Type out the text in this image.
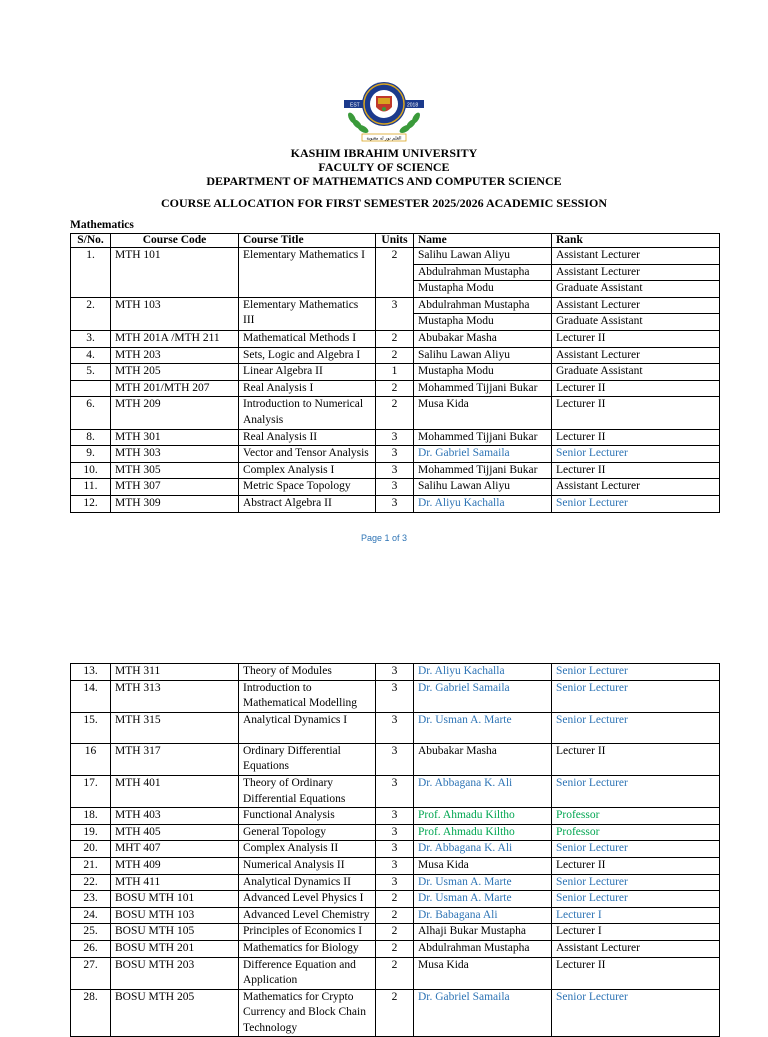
EST	2018
العلم نور له معنوية
KASHIM IBRAHIM UNIVERSITY
FACULTY OF SCIENCE
DEPARTMENT OF MATHEMATICS AND COMPUTER SCIENCE
COURSE ALLOCATION FOR FIRST SEMESTER 2025/2026 ACADEMIC SESSION
Mathematics
S/No.	Course Code	Course Title	Units	Name	Rank
1.	MTH 101	Elementary Mathematics I	2	Salihu Lawan Aliyu	Assistant Lecturer
				Abdulrahman Mustapha	Assistant Lecturer
				Mustapha Modu	Graduate Assistant
2.	MTH 103	Elementary Mathematics III	3	Abdulrahman Mustapha	Assistant Lecturer
				Mustapha Modu	Graduate Assistant
3.	MTH 201A /MTH 211	Mathematical Methods I	2	Abubakar Masha	Lecturer II
4.	MTH 203	Sets, Logic and Algebra I	2	Salihu Lawan Aliyu	Assistant Lecturer
5.	MTH 205	Linear Algebra II	1	Mustapha Modu	Graduate Assistant
	MTH 201/MTH 207	Real Analysis I	2	Mohammed Tijjani Bukar	Lecturer II
6.	MTH 209	Introduction to Numerical Analysis	2	Musa Kida	Lecturer II
8.	MTH 301	Real Analysis II	3	Mohammed Tijjani Bukar	Lecturer II
9.	MTH 303	Vector and Tensor Analysis	3	Dr. Gabriel Samaila	Senior Lecturer
10.	MTH 305	Complex Analysis I	3	Mohammed Tijjani Bukar	Lecturer II
11.	MTH 307	Metric Space Topology	3	Salihu Lawan Aliyu	Assistant Lecturer
12.	MTH 309	Abstract Algebra II	3	Dr. Aliyu Kachalla	Senior Lecturer
Page 1 of 3
13.	MTH 311	Theory of Modules	3	Dr. Aliyu Kachalla	Senior Lecturer
14.	MTH 313	Introduction to Mathematical Modelling	3	Dr. Gabriel Samaila	Senior Lecturer
15.	MTH 315	Analytical Dynamics I	3	Dr. Usman A. Marte	Senior Lecturer
16	MTH 317	Ordinary Differential Equations	3	Abubakar Masha	Lecturer II
17.	MTH 401	Theory of Ordinary Differential Equations	3	Dr. Abbagana K. Ali	Senior Lecturer
18.	MTH 403	Functional Analysis	3	Prof. Ahmadu Kiltho	Professor
19.	MTH 405	General Topology	3	Prof. Ahmadu Kiltho	Professor
20.	MHT 407	Complex Analysis II	3	Dr. Abbagana K. Ali	Senior Lecturer
21.	MTH 409	Numerical Analysis II	3	Musa Kida	Lecturer II
22.	MTH 411	Analytical Dynamics II	3	Dr. Usman A. Marte	Senior Lecturer
23.	BOSU MTH 101	Advanced Level Physics I	2	Dr. Usman A. Marte	Senior Lecturer
24.	BOSU MTH 103	Advanced Level Chemistry	2	Dr. Babagana Ali	Lecturer I
25.	BOSU MTH 105	Principles of Economics I	2	Alhaji Bukar Mustapha	Lecturer I
26.	BOSU MTH 201	Mathematics for Biology	2	Abdulrahman Mustapha	Assistant Lecturer
27.	BOSU MTH 203	Difference Equation and Application	2	Musa Kida	Lecturer II
28.	BOSU MTH 205	Mathematics for Crypto Currency and Block Chain Technology	2	Dr. Gabriel Samaila	Senior Lecturer
